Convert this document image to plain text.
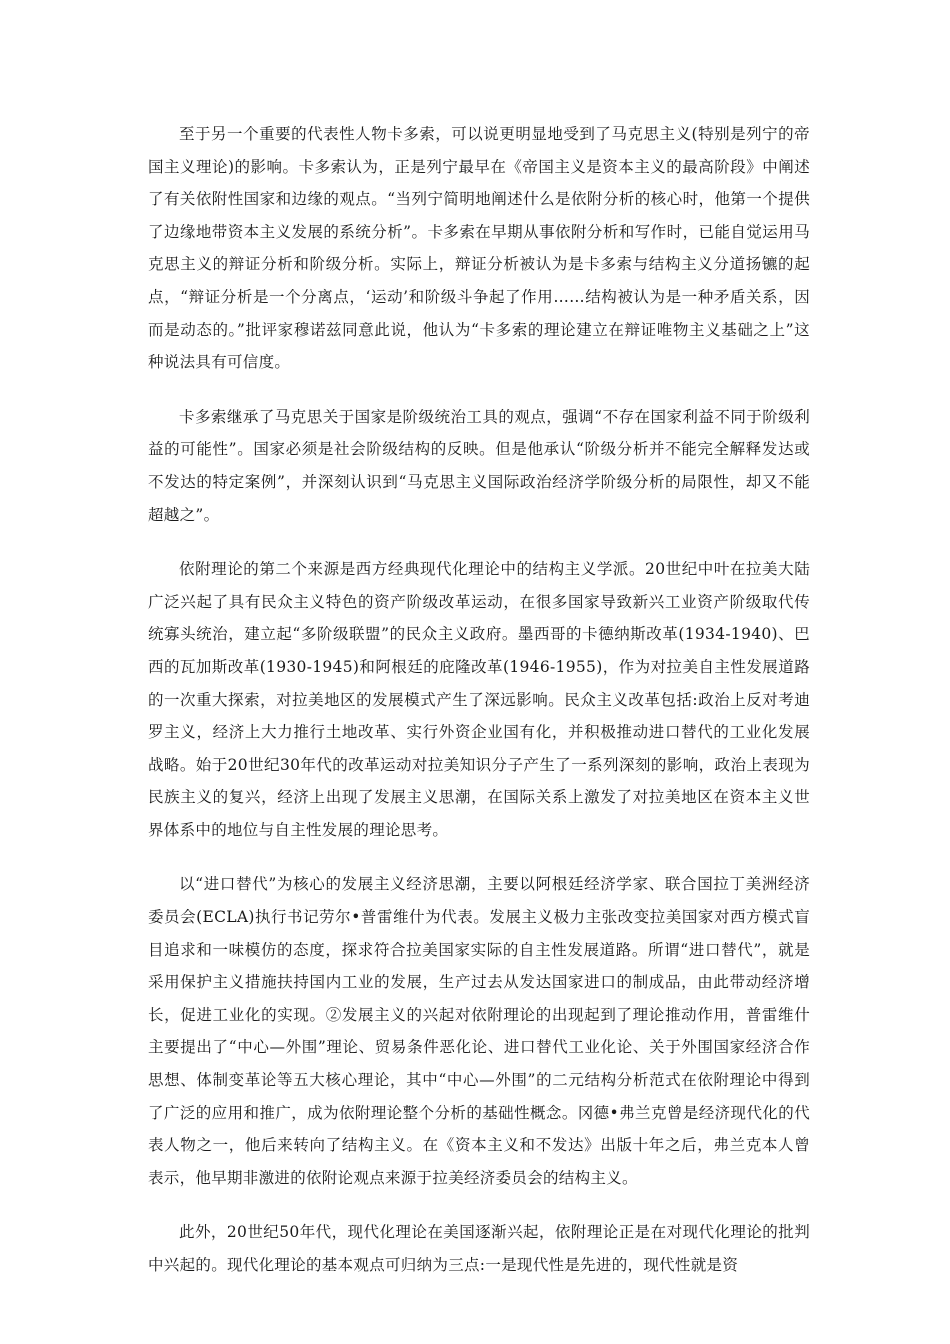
至于另一个重要的代表性人物卡多索，可以说更明显地受到了马克思主义(特别是列宁的帝国主义理论)的影响。卡多索认为，正是列宁最早在《帝国主义是资本主义的最高阶段》中阐述了有关依附性国家和边缘的观点。“当列宁简明地阐述什么是依附分析的核心时，他第一个提供了边缘地带资本主义发展的系统分析”。卡多索在早期从事依附分析和写作时，已能自觉运用马克思主义的辩证分析和阶级分析。实际上，辩证分析被认为是卡多索与结构主义分道扬镳的起点，“辩证分析是一个分离点，‘运动’和阶级斗争起了作用……结构被认为是一种矛盾关系，因而是动态的。”批评家穆诺兹同意此说，他认为“卡多索的理论建立在辩证唯物主义基础之上”这种说法具有可信度。

卡多索继承了马克思关于国家是阶级统治工具的观点，强调“不存在国家利益不同于阶级利益的可能性”。国家必须是社会阶级结构的反映。但是他承认“阶级分析并不能完全解释发达或不发达的特定案例”，并深刻认识到“马克思主义国际政治经济学阶级分析的局限性，却又不能超越之”。

依附理论的第二个来源是西方经典现代化理论中的结构主义学派。20世纪中叶在拉美大陆广泛兴起了具有民众主义特色的资产阶级改革运动，在很多国家导致新兴工业资产阶级取代传统寡头统治，建立起“多阶级联盟”的民众主义政府。墨西哥的卡德纳斯改革(1934-1940)、巴西的瓦加斯改革(1930-1945)和阿根廷的庇隆改革(1946-1955)，作为对拉美自主性发展道路的一次重大探索，对拉美地区的发展模式产生了深远影响。民众主义改革包括:政治上反对考迪罗主义，经济上大力推行土地改革、实行外资企业国有化，并积极推动进口替代的工业化发展战略。始于20世纪30年代的改革运动对拉美知识分子产生了一系列深刻的影响，政治上表现为民族主义的复兴，经济上出现了发展主义思潮，在国际关系上激发了对拉美地区在资本主义世界体系中的地位与自主性发展的理论思考。

以“进口替代”为核心的发展主义经济思潮，主要以阿根廷经济学家、联合国拉丁美洲经济委员会(ECLA)执行书记劳尔•普雷维什为代表。发展主义极力主张改变拉美国家对西方模式盲目追求和一味模仿的态度，探求符合拉美国家实际的自主性发展道路。所谓“进口替代”，就是采用保护主义措施扶持国内工业的发展，生产过去从发达国家进口的制成品，由此带动经济增长，促进工业化的实现。②发展主义的兴起对依附理论的出现起到了理论推动作用，普雷维什主要提出了“中心—外围”理论、贸易条件恶化论、进口替代工业化论、关于外围国家经济合作思想、体制变革论等五大核心理论，其中“中心—外围”的二元结构分析范式在依附理论中得到了广泛的应用和推广，成为依附理论整个分析的基础性概念。冈德•弗兰克曾是经济现代化的代表人物之一，他后来转向了结构主义。在《资本主义和不发达》出版十年之后，弗兰克本人曾表示，他早期非激进的依附论观点来源于拉美经济委员会的结构主义。

此外，20世纪50年代，现代化理论在美国逐渐兴起，依附理论正是在对现代化理论的批判中兴起的。现代化理论的基本观点可归纳为三点:一是现代性是先进的，现代性就是资
